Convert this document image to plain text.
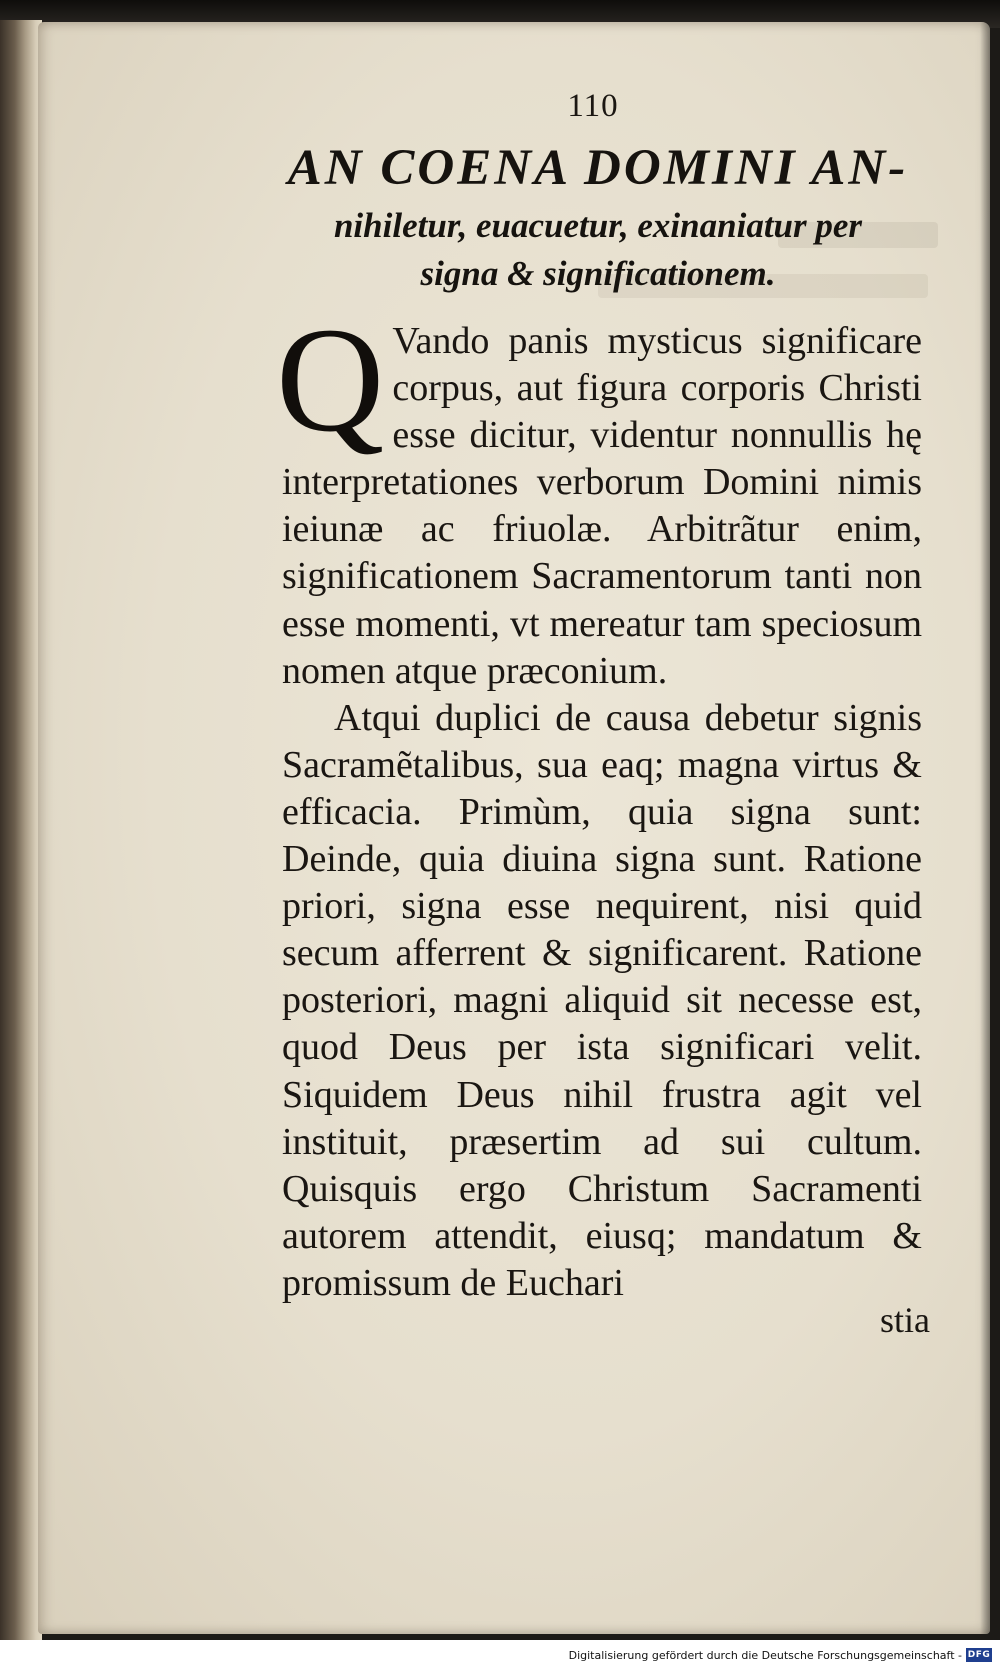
110
AN COENA DOMINI AN-
nihiletur, euacuetur, exinaniatur per
signa & significationem.

Q Vando panis mysticus significare corpus, aut figura corporis Christi esse dicitur, videntur nonnullis hę interpretationes verborum Domini nimis ieiunæ ac friuolæ. Arbitrãtur enim, significationem Sacramentorum tanti non esse momenti, vt mereatur tam speciosum nomen atque præconium.

Atqui duplici de causa debetur signis Sacramẽtalibus, sua eaq; magna virtus & efficacia. Primùm, quia signa sunt: Deinde, quia diuina signa sunt. Ratione priori, signa esse nequirent, nisi quid secum afferrent & significarent. Ratione posteriori, magni aliquid sit necesse est, quod Deus per ista significari velit. Siquidem Deus nihil frustra agit vel instituit, præsertim ad sui cultum. Quisquis ergo Christum Sacramenti autorem attendit, eiusq; mandatum & promissum de Euchari

stia
Digitalisierung gefördert durch die Deutsche Forschungsgemeinschaft - DFG
